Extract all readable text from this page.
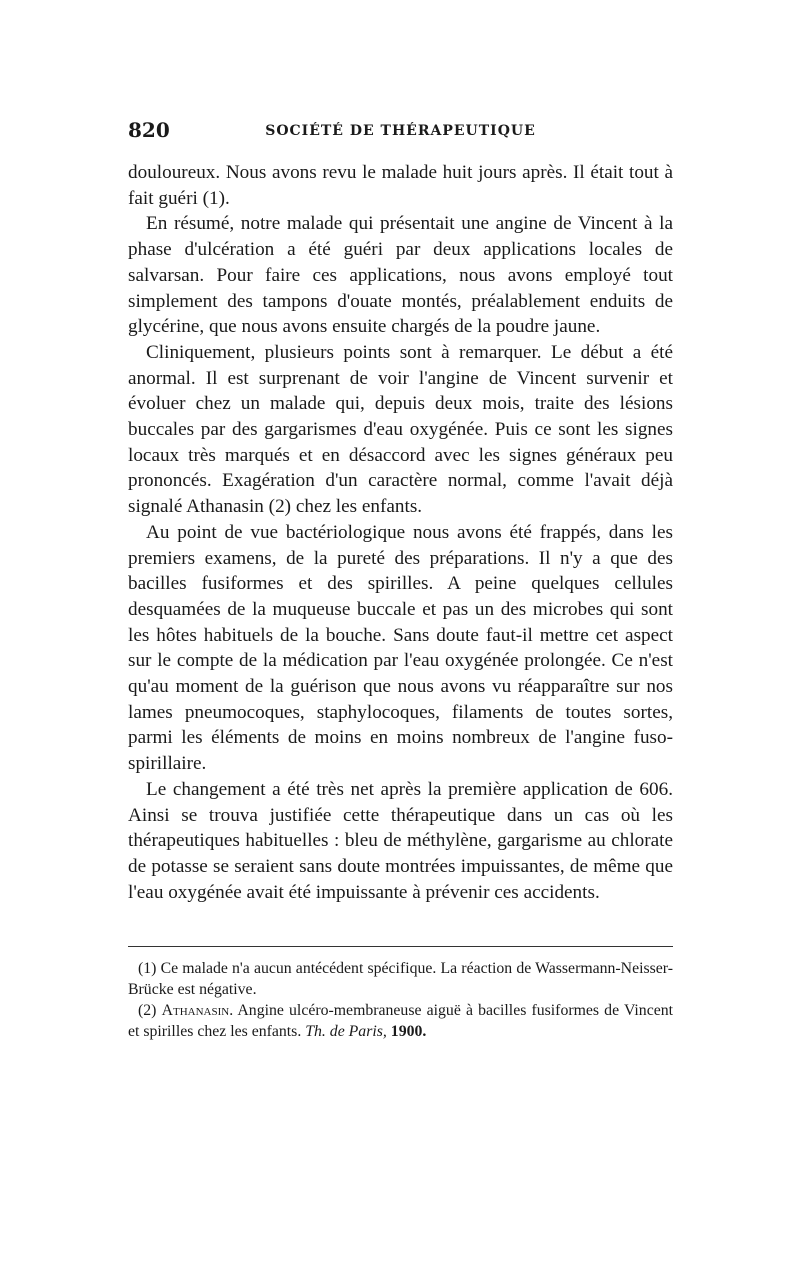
820	SOCIÉTÉ DE THÉRAPEUTIQUE

douloureux. Nous avons revu le malade huit jours après. Il était tout à fait guéri (1).

En résumé, notre malade qui présentait une angine de Vincent à la phase d'ulcération a été guéri par deux applications locales de salvarsan. Pour faire ces applications, nous avons employé tout simplement des tampons d'ouate montés, préalablement enduits de glycérine, que nous avons ensuite chargés de la poudre jaune.

Cliniquement, plusieurs points sont à remarquer. Le début a été anormal. Il est surprenant de voir l'angine de Vincent survenir et évoluer chez un malade qui, depuis deux mois, traite des lésions buccales par des gargarismes d'eau oxygénée. Puis ce sont les signes locaux très marqués et en désaccord avec les signes généraux peu prononcés. Exagération d'un caractère normal, comme l'avait déjà signalé Athanasin (2) chez les enfants.

Au point de vue bactériologique nous avons été frappés, dans les premiers examens, de la pureté des préparations. Il n'y a que des bacilles fusiformes et des spirilles. A peine quelques cellules desquamées de la muqueuse buccale et pas un des microbes qui sont les hôtes habituels de la bouche. Sans doute faut-il mettre cet aspect sur le compte de la médication par l'eau oxygénée prolongée. Ce n'est qu'au moment de la guérison que nous avons vu réapparaître sur nos lames pneumocoques, staphylocoques, filaments de toutes sortes, parmi les éléments de moins en moins nombreux de l'angine fuso-spirillaire.

Le changement a été très net après la première application de 606. Ainsi se trouva justifiée cette thérapeutique dans un cas où les thérapeutiques habituelles : bleu de méthylène, gargarisme au chlorate de potasse se seraient sans doute montrées impuissantes, de même que l'eau oxygénée avait été impuissante à prévenir ces accidents.

(1) Ce malade n'a aucun antécédent spécifique. La réaction de Wassermann-Neisser-Brücke est négative.

(2) Athanasin. Angine ulcéro-membraneuse aiguë à bacilles fusiformes de Vincent et spirilles chez les enfants. Th. de Paris, 1900.
